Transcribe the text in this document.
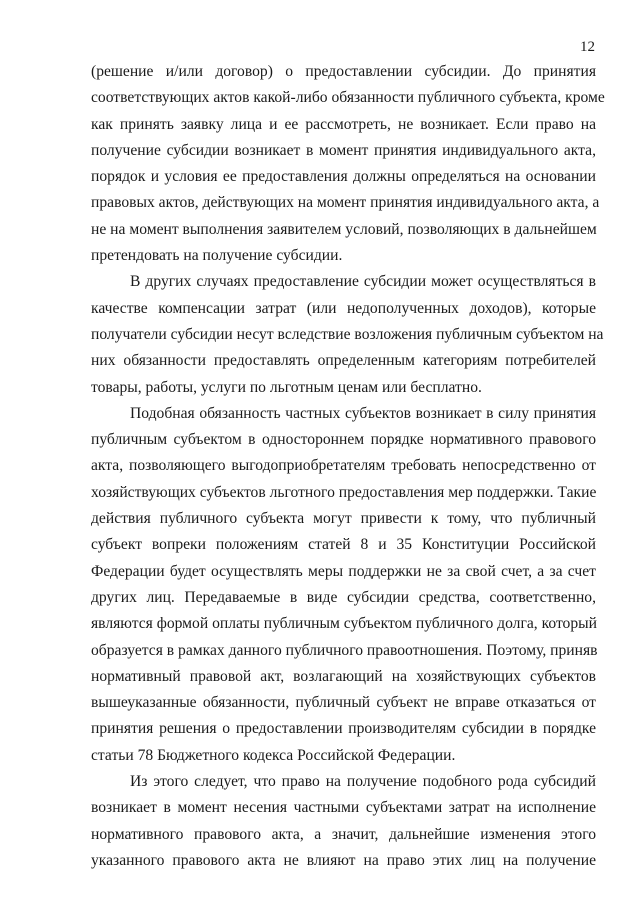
12
(решение и/или договор) о предоставлении субсидии. До принятия
соответствующих актов какой-либо обязанности публичного субъекта, кроме
как принять заявку лица и ее рассмотреть, не возникает. Если право на
получение субсидии возникает в момент принятия индивидуального акта,
порядок и условия ее предоставления должны определяться на основании
правовых актов, действующих на момент принятия индивидуального акта, а
не на момент выполнения заявителем условий, позволяющих в дальнейшем
претендовать на получение субсидии.
В других случаях предоставление субсидии может осуществляться в
качестве компенсации затрат (или недополученных доходов), которые
получатели субсидии несут вследствие возложения публичным субъектом на
них обязанности предоставлять определенным категориям потребителей
товары, работы, услуги по льготным ценам или бесплатно.
Подобная обязанность частных субъектов возникает в силу принятия
публичным субъектом в одностороннем порядке нормативного правового
акта, позволяющего выгодоприобретателям требовать непосредственно от
хозяйствующих субъектов льготного предоставления мер поддержки. Такие
действия публичного субъекта могут привести к тому, что публичный
субъект вопреки положениям статей 8 и 35 Конституции Российской
Федерации будет осуществлять меры поддержки не за свой счет, а за счет
других лиц. Передаваемые в виде субсидии средства, соответственно,
являются формой оплаты публичным субъектом публичного долга, который
образуется в рамках данного публичного правоотношения. Поэтому, приняв
нормативный правовой акт, возлагающий на хозяйствующих субъектов
вышеуказанные обязанности, публичный субъект не вправе отказаться от
принятия решения о предоставлении производителям субсидии в порядке
статьи 78 Бюджетного кодекса Российской Федерации.
Из этого следует, что право на получение подобного рода субсидий
возникает в момент несения частными субъектами затрат на исполнение
нормативного правового акта, а значит, дальнейшие изменения этого
указанного правового акта не влияют на право этих лиц на получение
